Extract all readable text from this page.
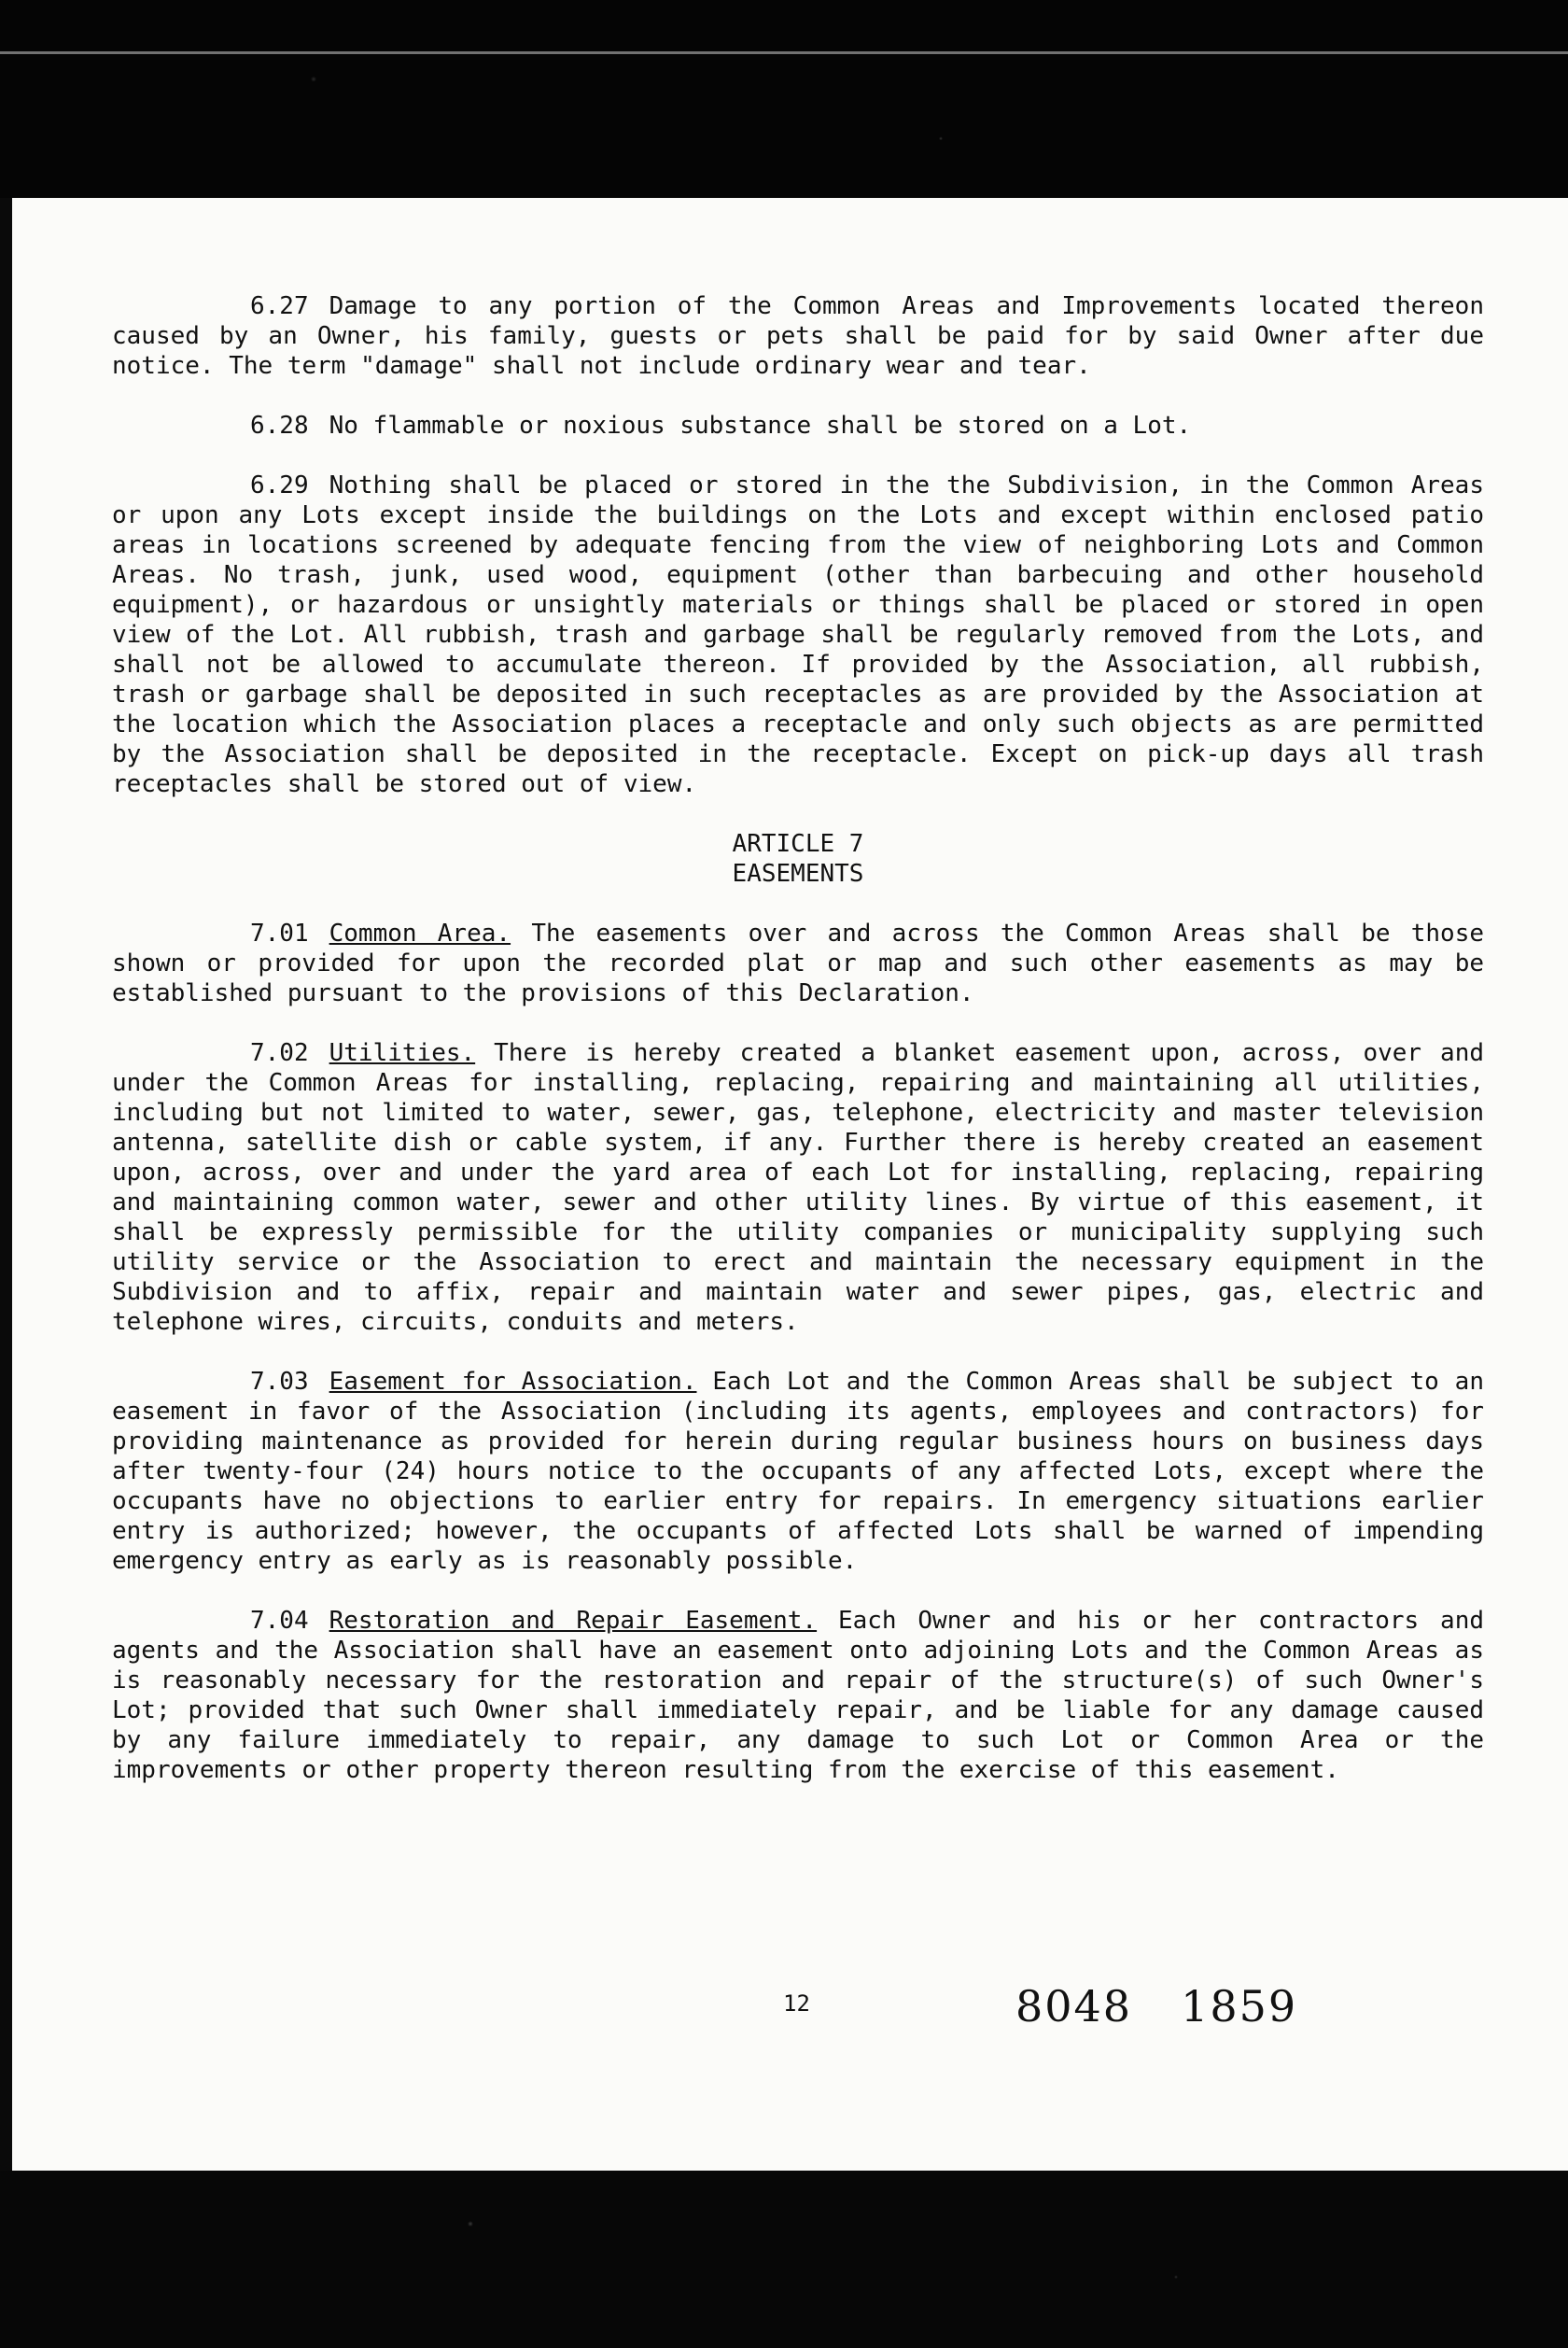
6.27 Damage to any portion of the Common Areas and Improvements located thereon caused by an Owner, his family, guests or pets shall be paid for by said Owner after due notice. The term "damage" shall not include ordinary wear and tear.

6.28 No flammable or noxious substance shall be stored on a Lot.

6.29 Nothing shall be placed or stored in the the Subdivision, in the Common Areas or upon any Lots except inside the buildings on the Lots and except within enclosed patio areas in locations screened by adequate fencing from the view of neighboring Lots and Common Areas. No trash, junk, used wood, equipment (other than barbecuing and other household equipment), or hazardous or unsightly materials or things shall be placed or stored in open view of the Lot. All rubbish, trash and garbage shall be regularly removed from the Lots, and shall not be allowed to accumulate thereon. If provided by the Association, all rubbish, trash or garbage shall be deposited in such receptacles as are provided by the Association at the location which the Association places a receptacle and only such objects as are permitted by the Association shall be deposited in the receptacle. Except on pick-up days all trash receptacles shall be stored out of view.

ARTICLE 7
EASEMENTS

7.01 Common Area. The easements over and across the Common Areas shall be those shown or provided for upon the recorded plat or map and such other easements as may be established pursuant to the provisions of this Declaration.

7.02 Utilities. There is hereby created a blanket easement upon, across, over and under the Common Areas for installing, replacing, repairing and maintaining all utilities, including but not limited to water, sewer, gas, telephone, electricity and master television antenna, satellite dish or cable system, if any. Further there is hereby created an easement upon, across, over and under the yard area of each Lot for installing, replacing, repairing and maintaining common water, sewer and other utility lines. By virtue of this easement, it shall be expressly permissible for the utility companies or municipality supplying such utility service or the Association to erect and maintain the necessary equipment in the Subdivision and to affix, repair and maintain water and sewer pipes, gas, electric and telephone wires, circuits, conduits and meters.

7.03 Easement for Association. Each Lot and the Common Areas shall be subject to an easement in favor of the Association (including its agents, employees and contractors) for providing maintenance as provided for herein during regular business hours on business days after twenty-four (24) hours notice to the occupants of any affected Lots, except where the occupants have no objections to earlier entry for repairs. In emergency situations earlier entry is authorized; however, the occupants of affected Lots shall be warned of impending emergency entry as early as is reasonably possible.

7.04 Restoration and Repair Easement. Each Owner and his or her contractors and agents and the Association shall have an easement onto adjoining Lots and the Common Areas as is reasonably necessary for the restoration and repair of the structure(s) of such Owner's Lot; provided that such Owner shall immediately repair, and be liable for any damage caused by any failure immediately to repair, any damage to such Lot or Common Area or the improvements or other property thereon resulting from the exercise of this easement.

12	8048 1859
